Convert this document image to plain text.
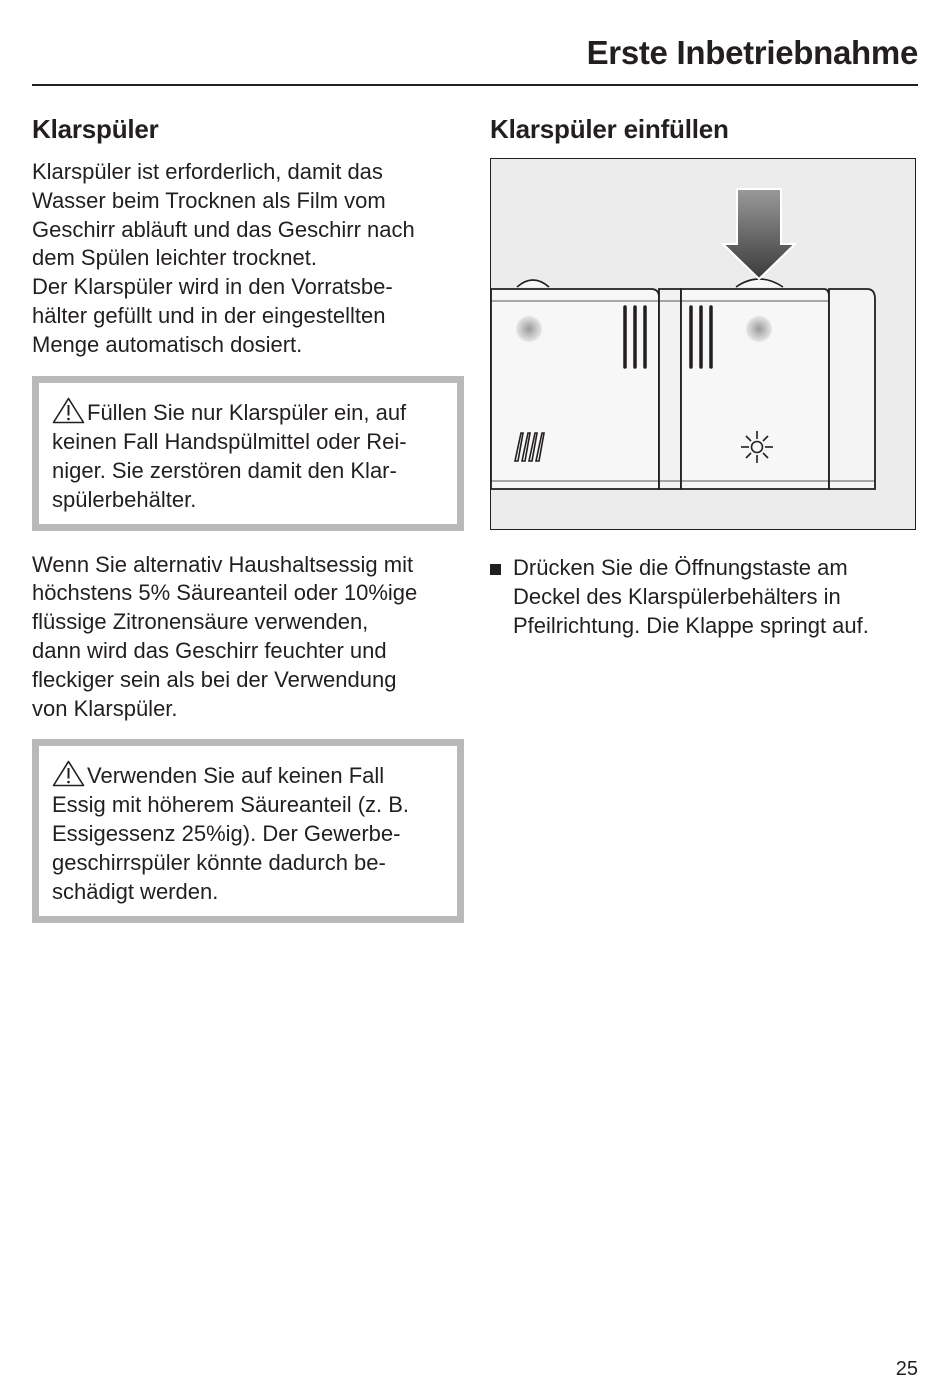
Erste Inbetriebnahme
Klarspüler

Klarspüler ist erforderlich, damit das
Wasser beim Trocknen als Film vom
Geschirr abläuft und das Geschirr nach
dem Spülen leichter trocknet.
Der Klarspüler wird in den Vorratsbe-
hälter gefüllt und in der eingestellten
Menge automatisch dosiert.

Füllen Sie nur Klarspüler ein, auf
keinen Fall Handspülmittel oder Rei-
niger. Sie zerstören damit den Klar-
spülerbehälter.

Wenn Sie alternativ Haushaltsessig mit
höchstens 5% Säureanteil oder 10%ige
flüssige Zitronensäure verwenden,
dann wird das Geschirr feuchter und
fleckiger sein als bei der Verwendung
von Klarspüler.

Verwenden Sie auf keinen Fall
Essig mit höherem Säureanteil (z. B.
Essigessenz 25%ig). Der Gewerbe-
geschirrspüler könnte dadurch be-
schädigt werden.
Klarspüler einfüllen
Drücken Sie die Öffnungstaste am
Deckel des Klarspülerbehälters in
Pfeilrichtung. Die Klappe springt auf.

25
